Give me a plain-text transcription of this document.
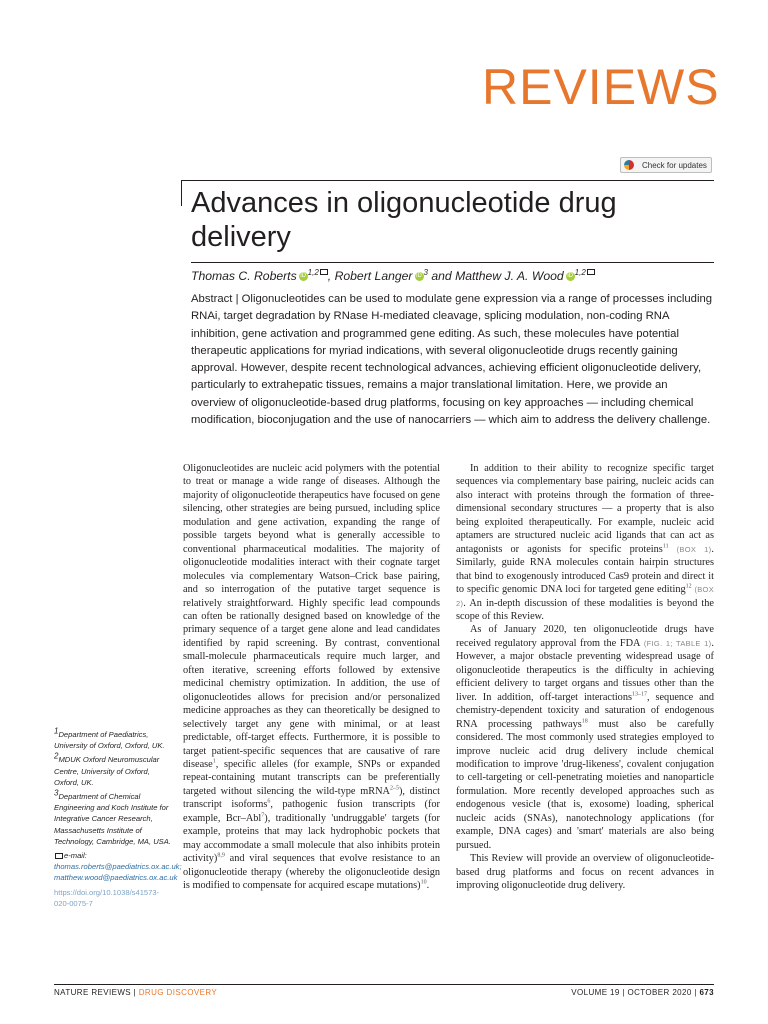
REVIEWS
Check for updates
Advances in oligonucleotide drug delivery
Thomas C. Roberts iD $^{1,2}$ , Robert Langer iD $^3$ and Matthew J. A. Wood iD $^{1,2}$
Abstract | Oligonucleotides can be used to modulate gene expression via a range of processes including RNAi, target degradation by RNase H-mediated cleavage, splicing modulation, non-coding RNA inhibition, gene activation and programmed gene editing. As such, these molecules have potential therapeutic applications for myriad indications, with several oligonucleotide drugs recently gaining approval. However, despite recent technological advances, achieving efficient oligonucleotide delivery, particularly to extrahepatic tissues, remains a major translational limitation. Here, we provide an overview of oligonucleotide-based drug platforms, focusing on key approaches — including chemical modification, bioconjugation and the use of nanocarriers — which aim to address the delivery challenge.

Oligonucleotides are nucleic acid polymers with the potential to treat or manage a wide range of diseases. Although the majority of oligonucleotide therapeutics have focused on gene silencing, other strategies are being pursued, including splice modulation and gene activation, expanding the range of possible targets beyond what is generally accessible to conventional pharmaceutical modalities. The majority of oligonucleotide modalities interact with their cognate target molecules via complementary Watson–Crick base pairing, and so interrogation of the putative target sequence is relatively straightforward. Highly specific lead compounds can often be rationally designed based on knowledge of the primary sequence of a target gene alone and lead candidates identified by rapid screening. By contrast, conventional small-molecule pharmaceuticals require much larger, and often iterative, screening efforts followed by extensive medicinal chemistry optimization. In addition, the use of oligonucleotides allows for precision and/or personalized medicine approaches as they can theoretically be designed to selectively target any gene with minimal, or at least predictable, off-target effects. Furthermore, it is possible to target patient-specific sequences that are causative of rare disease$^1$, specific alleles (for example, SNPs or expanded repeat-containing mutant transcripts can be preferentially targeted without silencing the wild-type mRNA$^{2-5}$), distinct transcript isoforms$^6$, pathogenic fusion transcripts (for example, Bcr–Abl$^7$), traditionally 'undruggable' targets (for example, proteins that may lack hydrophobic pockets that may accommodate a small molecule that also inhibits protein activity)$^{8,9}$ and viral sequences that evolve resistance to an oligonucleotide therapy (whereby the oligonucleotide design is modified to compensate for acquired escape mutations)$^{10}$.

In addition to their ability to recognize specific target sequences via complementary base pairing, nucleic acids can also interact with proteins through the formation of three-dimensional secondary structures — a property that is also being exploited therapeutically. For example, nucleic acid aptamers are structured nucleic acid ligands that can act as antagonists or agonists for specific proteins$^{11}$ (BOX 1). Similarly, guide RNA molecules contain hairpin structures that bind to exogenously introduced Cas9 protein and direct it to specific genomic DNA loci for targeted gene editing$^{12}$ (BOX 2). An in-depth discussion of these modalities is beyond the scope of this Review.

As of January 2020, ten oligonucleotide drugs have received regulatory approval from the FDA (FIG. 1; TABLE 1). However, a major obstacle preventing widespread usage of oligonucleotide therapeutics is the difficulty in achieving efficient delivery to target organs and tissues other than the liver. In addition, off-target interactions$^{13-17}$, sequence and chemistry-dependent toxicity and saturation of endogenous RNA processing pathways$^{18}$ must also be carefully considered. The most commonly used strategies employed to improve nucleic acid drug delivery include chemical modification to improve 'drug-likeness', covalent conjugation to cell-targeting or cell-penetrating moieties and nanoparticle formulation. More recently developed approaches such as endogenous vesicle (that is, exosome) loading, spherical nucleic acids (SNAs), nanotechnology applications (for example, DNA cages) and 'smart' materials are also being pursued.

This Review will provide an overview of oligonucleotide-based drug platforms and focus on recent advances in improving oligonucleotide drug delivery.

1Department of Paediatrics, University of Oxford, Oxford, UK.

2MDUK Oxford Neuromuscular Centre, University of Oxford, Oxford, UK.

3Department of Chemical Engineering and Koch Institute for Integrative Cancer Research, Massachusetts Institute of Technology, Cambridge, MA, USA.

e-mail: thomas.roberts@paediatrics.ox.ac.uk;
matthew.wood@paediatrics.ox.ac.uk

https://doi.org/10.1038/s41573-020-0075-7

NATURE REVIEWS | DRUG DISCOVERY	VOLUME 19 | OCTOBER 2020 | 673
